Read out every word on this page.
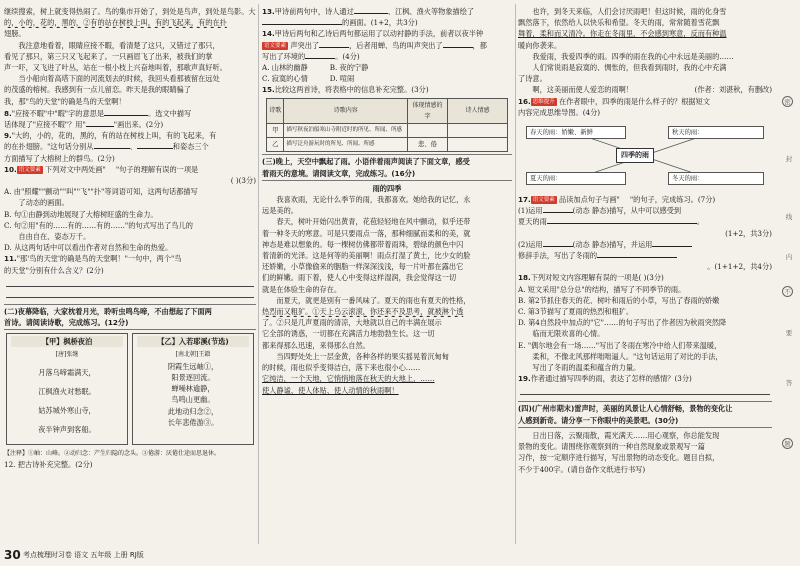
继续搜索，树上就变得热闹了。鸟的集市开始了，到处是鸟声，到处是鸟影。大
的，小的，花的，黑的，②有的站在树枝上叫，有的飞起来，有的在扑
翅膀。
我注意地看着，眼睛应接不暇，看清楚了这只，又错过了那只，
看见了那只，第三只又飞起来了。一只画眉飞了出来，被我们的掌
声一吓，又飞进了叶丛，站在一根小枝上兴奋地叫着，那歌声真好听。
当小船向着高塔下面的河流划去的时候，我回头看那被留在远处
的茂盛的榕树。我感到有一点儿留恋。昨天是我的眼睛骗了
我，那"鸟的天堂"的确是鸟的天堂啊！
8."应接不暇"中"暇"字的意思是	。选文中描写
话体现了"应接不暇"？用"	"画出来。(2分)
9."大的，小的，花的，黑的，有的站在树枝上叫，有的飞起来，有
的在扑翅膀。"这句话分别从	、	和姿态三个
方面描写了大榕树上的群鸟。(2分)
10. 语文要素 下列对文中两处画" "句子的理解有误的一项是
( )(3分)
A. 由"照耀""颤动""叫""飞""扑"等词语可知，这两句话都描写
了动态的画面。
B. 句①由静到动地展现了大榕树旺盛的生命力。
C. 句②用"有的……有的……有的……"的句式写出了鸟儿的
自由自在、姿态万千。
D. 从这两句话中可以看出作者对自然和生命的热爱。
11."那'鸟的天堂'的确是鸟的天堂啊！"一句中，两个"鸟
的天堂"分别有什么含义？(2分)
(二)夜幕降临，大家枕着月光，聆听虫鸣鸟啼，不由想起了下面两
首诗。请阅读诗歌，完成练习。(12分)
【甲】枫桥夜泊
[唐]张继
月落乌啼霜满天，
江枫渔火对愁眠。
姑苏城外寒山寺，
夜半钟声到客船。
【乙】入若耶溪(节选)
[南北朝]王籍
阴霞生远岫①，
阳景逐回流。
蝉噪林逾静，
鸟鸣山更幽。
此地动归念②，
长年悲倦游③。
【注释】①岫：山峰。②动归念：产生归隐的念头。③倦游：厌倦仕途而思退休。
12. 把古诗补充完整。(2分)
13.甲诗前两句中，诗人通过	、江枫、渔火等物象描绘了
的画面。(1+2，共3分)
14.甲诗后两句和乙诗后两句都运用了以动衬静的手法，前者以夜半钟
语文要素 声突出了	，后者用蝉、鸟的叫声突出了	，都
写出了环境的	。(4分)
A. 山林的幽静	B. 夜的宁静
C. 寂寞的心情	D. 喧闹
15.比较这两首诗，将表格中的信息补充完整。(3分)
诗歌	诗歌内容	体现情感的字	诗人情感
甲	描写秋夜泊船寒山寺附近时的所见、所闻、所感		
乙	描写泛舟游玩时的所见、所闻、所感	悲、倦	
(三)晚上，天空中飘起了雨。小语伴着雨声阅读了下面文章，感受
着雨天的意境。请阅读文章，完成练习。(16分)
雨的四季
我喜欢雨，无论什么季节的雨，我都喜欢。她给我的记忆，永
远是美的。
春天，树叶开始闪出黄青，花苞轻轻地在风中颤动，似乎还带
着一种冬天的寒意。可是只要雨点一落，那种细腻而柔和的美，就
神态是难以想象的。每一棵树仿佛都带着雨珠，碧绿的颜色中闪
着清新的光泽。这是何等的美丽啊！雨点打湿了黄土，比少女的脸
还娇嫩，小草像偷来的胭脂一样深深浅浅，每一片叶都在露出它
们的鲜嫩。雨下着，使人心中变得这样湿润，我会觉得这一切
就是在体验生命的存在。
而夏天，就更是别有一番风味了。夏天的雨也有夏天的性格，
热烈而又粗犷。①天上乌云滚滚，你还来不及思考，就被淋个透
了。②只是几声夏雨的清凉，大地就以自己的丰满在展示
它全部的诱惑，一切都在充满活力地勃勃生长。这一切
都来得那么迅速，来得那么自然。
当四野处处上一层金黄，各种各样的果实摇晃着沉甸甸
的时候，雨也似乎变得洁白，落下来也很小心……
它纯洁，一个天地，它悄悄地落在秋天的大地上，……
使人静谧、使人体贴、使人动情的秋雨啊！
也许，到冬天来临，人们会讨厌雨吧！但这时候，雨的化身雪
飘然落下，依然给人以快乐和希望。冬天的雨，常常随着雪花飘
舞着，柔和而又清冷。你走在冬雨里，不会感到寒意，反而有种温
暖向你袭来。
我爱雨，我爱四季的雨。四季的雨在我的心中永远是美丽的……
人们常说雨是寂寞的、惆怅的，但我看到雨时，我的心中充满
了诗意。
啊，这美丽而使人爱恋的雨啊！	(作者：刘湛秋，有删改)
16. 思维提升 在作者眼中，四季的雨是什么样子的？根据短文
内容完成思维导图。(4分)
春天的雨：娇嫩、新鲜	秋天的雨：
四季的雨
夏天的雨：	冬天的雨：
17. 语文要素 品读加点句子与画" "的句子，完成练习。(7分)
(1)运用	(动态 静态)描写，从中可以感受到
夏天的雨	。
(1+2，共3分)
(2)运用	(动态 静态)描写，并运用
修辞手法，写出了冬雨的
。(1+1+2，共4分)
18.下列对短文内容理解有误的一项是( )(3分)
A. 短文采用"总分总"的结构，描写了不同季节的雨。
B. 第2节抓住春天的花、树叶和雨后的小草，写出了春雨的娇嫩
C. 第3节描写了夏雨的热烈和粗犷。
D. 第4自然段中加点的"它"……的句子写出了作者因为秋雨突然降
临而无限欢喜的心情。
E. "偶尔地会有一场……"写出了冬雨在寒冷中给人们带来温暖，
柔和，不像北风那样咄咄逼人。"这句话运用了对比的手法，
写出了冬雨的温柔和蕴含的力量。
19.作者通过描写四季的雨，表达了怎样的感情？(3分)
(四)(广州市期末)雷声时，美丽的风景让人心情舒畅，景物的变化让
人感到新奇。请分享一下你眼中的美景吧。(30分)
日出日落，云聚雨散，霞光满天……用心观察，你总能发现
景物的变化。请围绕你观察到的一种自然现象或景观写一篇
习作，按一定顺序进行描写，写出景物的动态变化。题目自拟，
不少于400字。(请自备作文纸进行书写)
密
封
线
内
不
要
答
题
30 考点梳理时习卷 语文 五年级 上册 RJ版
